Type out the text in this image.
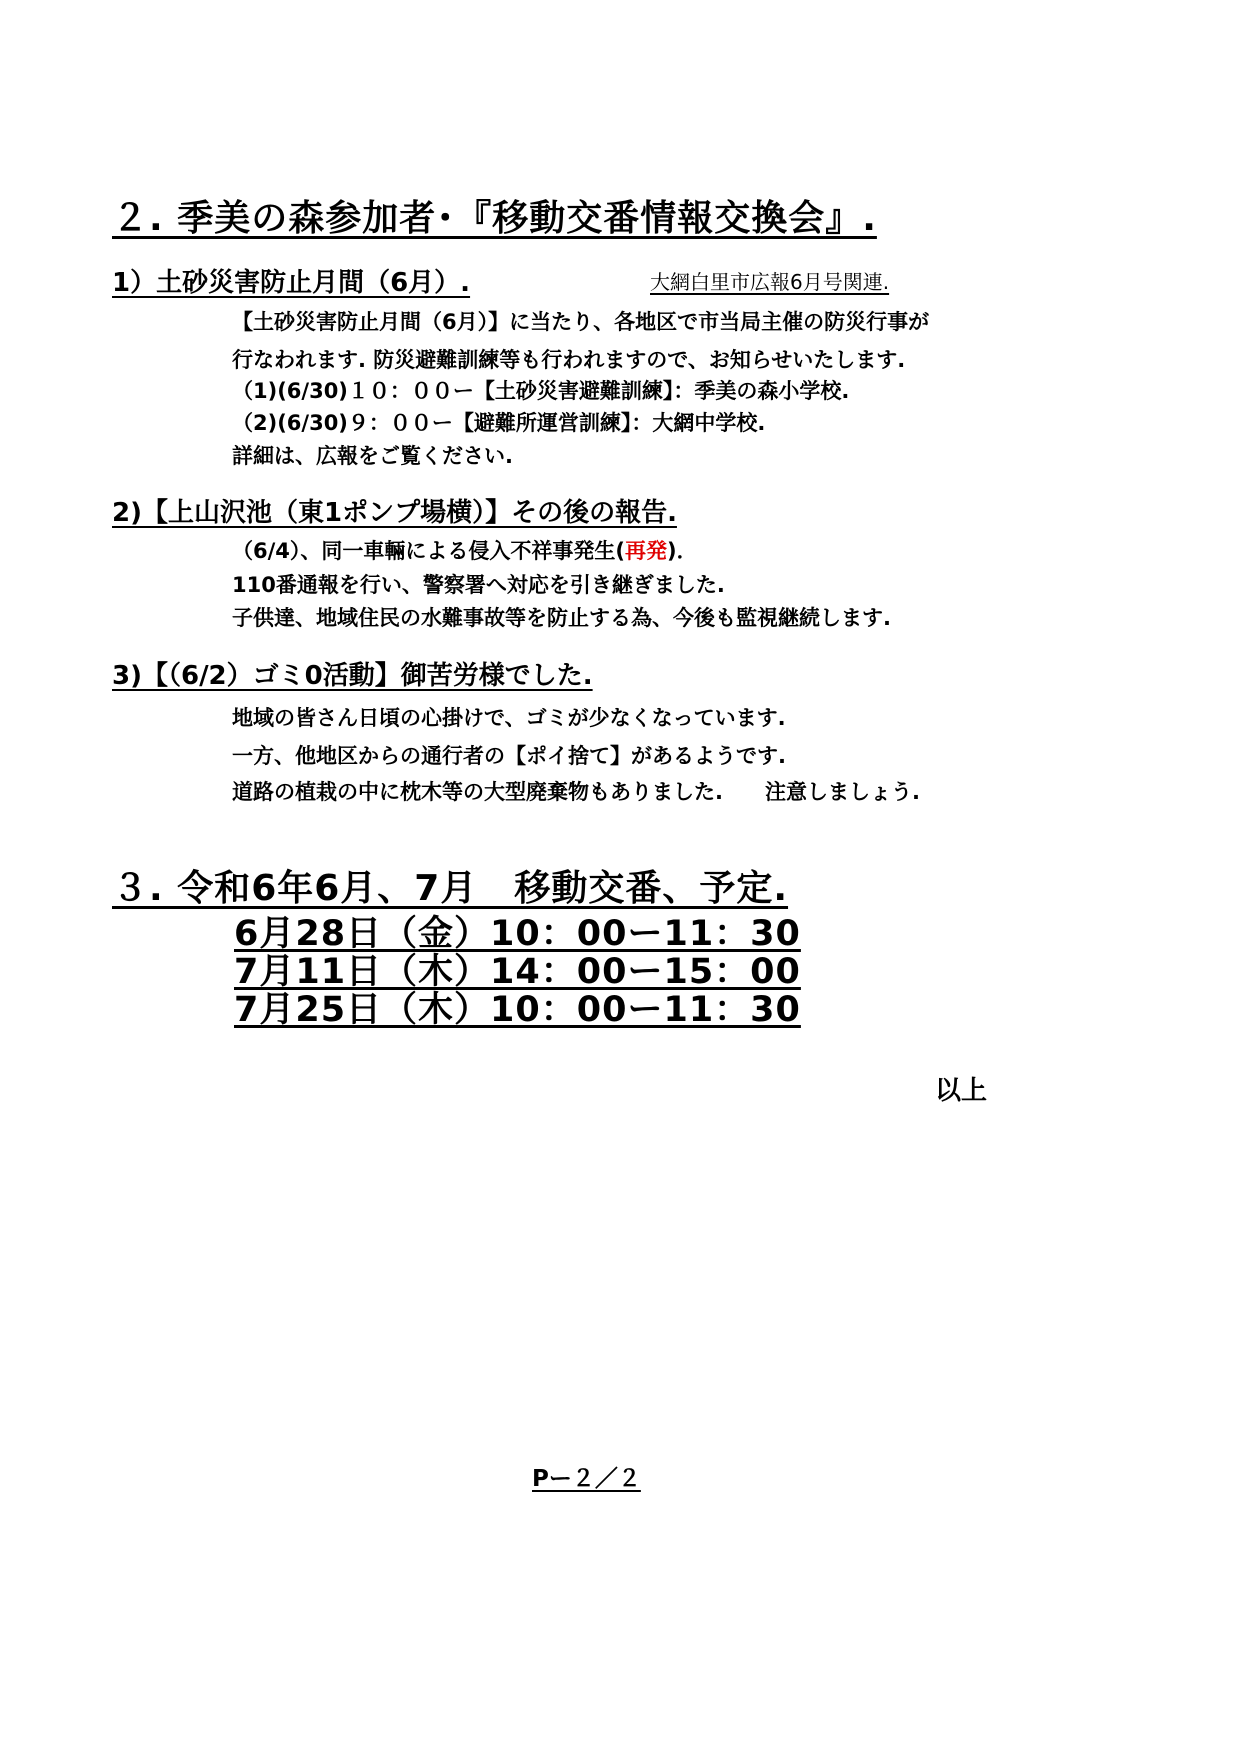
２. 季美の森参加者･『移動交番情報交換会』.
1）土砂災害防止月間（6月）.	大網白里市広報6月号関連.
【土砂災害防止月間（6月）】に当たり、各地区で市当局主催の防災行事が
行なわれます. 防災避難訓練等も行われますので、お知らせいたします.
（1)(6/30)１０：００ー【土砂災害避難訓練】：季美の森小学校.
（2)(6/30)９：００ー【避難所運営訓練】：大網中学校.
詳細は、広報をご覧ください.
2)【上山沢池（東1ポンプ場横）】その後の報告.
（6/4）、同一車輛による侵入不祥事発生(再発)．
110番通報を行い、警察署へ対応を引き継ぎました.
子供達、地域住民の水難事故等を防止する為、今後も監視継続します.
3)【（6/2）ゴミ0活動】御苦労様でした.
地域の皆さん日頃の心掛けで、ゴミが少なくなっています.
一方、他地区からの通行者の【ポイ捨て】があるようです.
道路の植栽の中に枕木等の大型廃棄物もありました.　　注意しましょう.
３. 令和6年6月、7月　移動交番、予定.
6月28日（金）10：00ー11：30
7月11日（木）14：00ー15：00
7月25日（木）10：00ー11：30
以上
Pー２／２
